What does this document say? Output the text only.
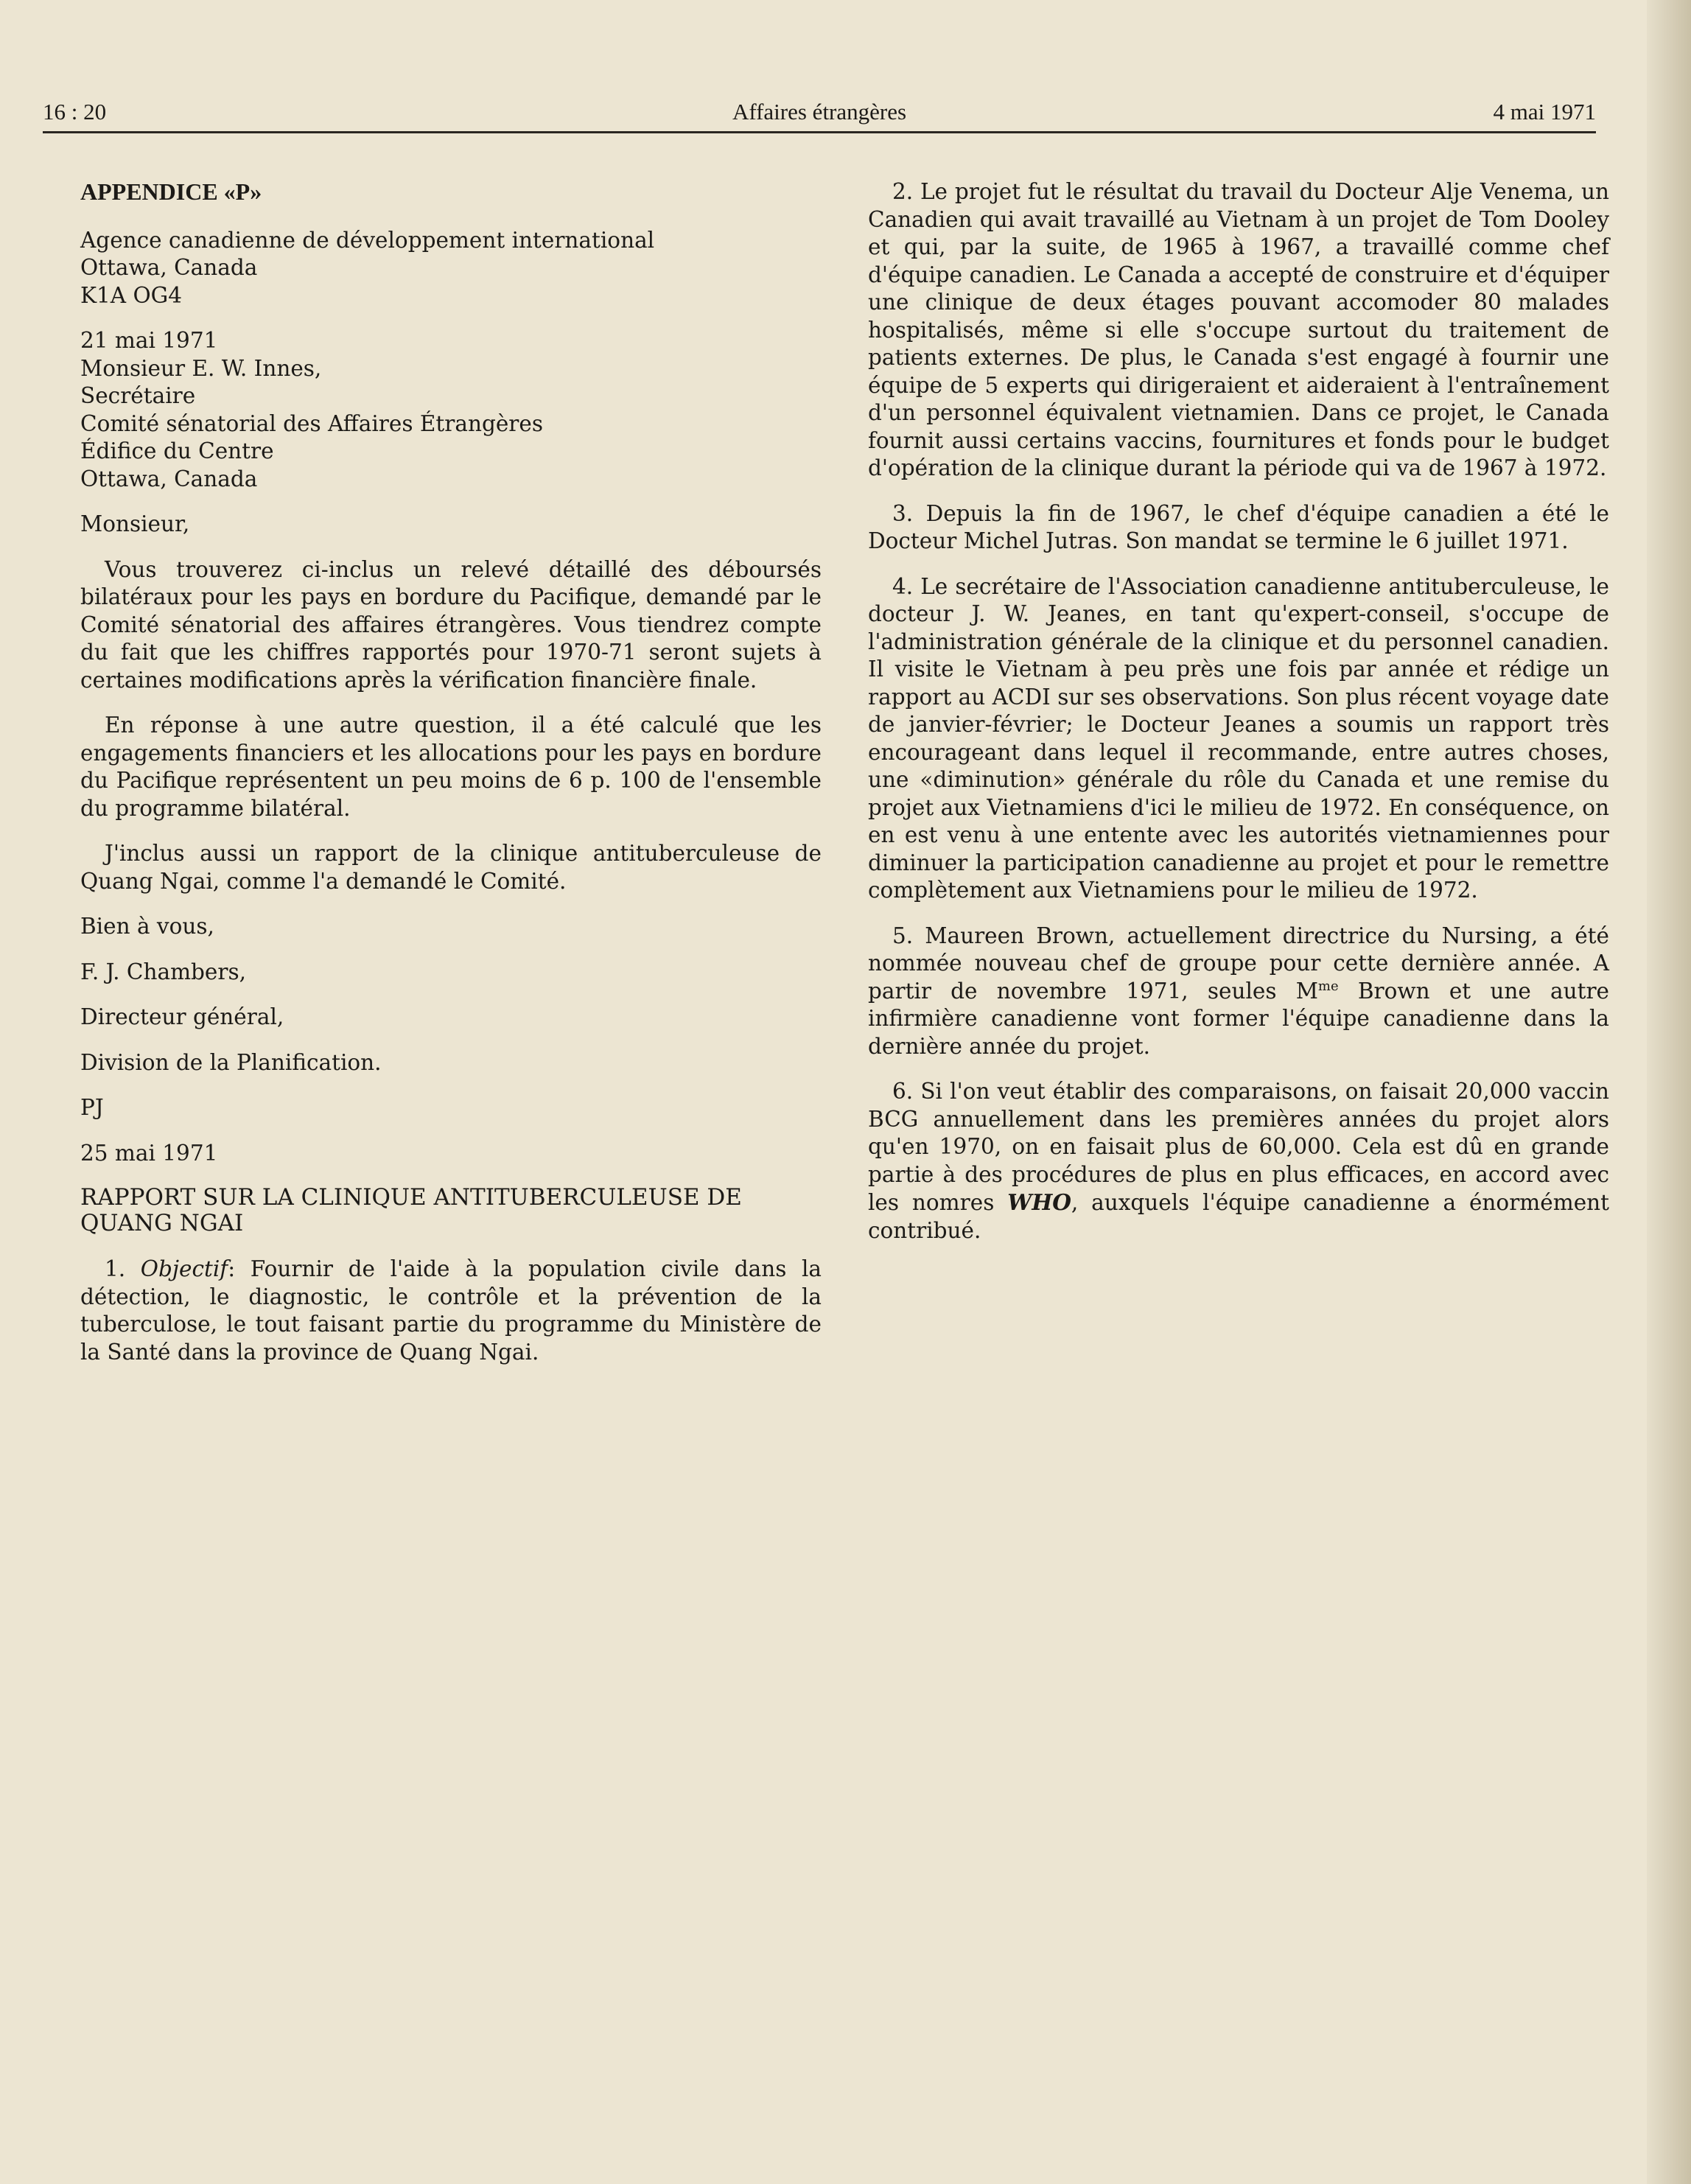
16 : 20	Affaires étrangères	4 mai 1971

APPENDICE «P»

Agence canadienne de développement international
Ottawa, Canada
K1A OG4

21 mai 1971
Monsieur E. W. Innes,
Secrétaire
Comité sénatorial des Affaires Étrangères
Édifice du Centre
Ottawa, Canada

Monsieur,

Vous trouverez ci-inclus un relevé détaillé des déboursés bilatéraux pour les pays en bordure du Pacifique, demandé par le Comité sénatorial des affaires étrangères. Vous tiendrez compte du fait que les chiffres rapportés pour 1970-71 seront sujets à certaines modifications après la vérification financière finale.

En réponse à une autre question, il a été calculé que les engagements financiers et les allocations pour les pays en bordure du Pacifique représentent un peu moins de 6 p. 100 de l'ensemble du programme bilatéral.

J'inclus aussi un rapport de la clinique antituberculeuse de Quang Ngai, comme l'a demandé le Comité.

Bien à vous,

F. J. Chambers,

Directeur général,

Division de la Planification.

PJ

25 mai 1971

RAPPORT SUR LA CLINIQUE ANTITUBERCULEUSE DE QUANG NGAI

1. Objectif: Fournir de l'aide à la population civile dans la détection, le diagnostic, le contrôle et la prévention de la tuberculose, le tout faisant partie du programme du Ministère de la Santé dans la province de Quang Ngai.

2. Le projet fut le résultat du travail du Docteur Alje Venema, un Canadien qui avait travaillé au Vietnam à un projet de Tom Dooley et qui, par la suite, de 1965 à 1967, a travaillé comme chef d'équipe canadien. Le Canada a accepté de construire et d'équiper une clinique de deux étages pouvant accomoder 80 malades hospitalisés, même si elle s'occupe surtout du traitement de patients externes. De plus, le Canada s'est engagé à fournir une équipe de 5 experts qui dirigeraient et aideraient à l'entraînement d'un personnel équivalent vietnamien. Dans ce projet, le Canada fournit aussi certains vaccins, fournitures et fonds pour le budget d'opération de la clinique durant la période qui va de 1967 à 1972.

3. Depuis la fin de 1967, le chef d'équipe canadien a été le Docteur Michel Jutras. Son mandat se termine le 6 juillet 1971.

4. Le secrétaire de l'Association canadienne antituberculeuse, le docteur J. W. Jeanes, en tant qu'expert-conseil, s'occupe de l'administration générale de la clinique et du personnel canadien. Il visite le Vietnam à peu près une fois par année et rédige un rapport au ACDI sur ses observations. Son plus récent voyage date de janvier-février; le Docteur Jeanes a soumis un rapport très encourageant dans lequel il recommande, entre autres choses, une «diminution» générale du rôle du Canada et une remise du projet aux Vietnamiens d'ici le milieu de 1972. En conséquence, on en est venu à une entente avec les autorités vietnamiennes pour diminuer la participation canadienne au projet et pour le remettre complètement aux Vietnamiens pour le milieu de 1972.

5. Maureen Brown, actuellement directrice du Nursing, a été nommée nouveau chef de groupe pour cette dernière année. A partir de novembre 1971, seules $M^{me}$ Brown et une autre infirmière canadienne vont former l'équipe canadienne dans la dernière année du projet.

6. Si l'on veut établir des comparaisons, on faisait 20,000 vaccin BCG annuellement dans les premières années du projet alors qu'en 1970, on en faisait plus de 60,000. Cela est dû en grande partie à des procédures de plus en plus efficaces, en accord avec les nomres WHO, auxquels l'équipe canadienne a énormément contribué.
